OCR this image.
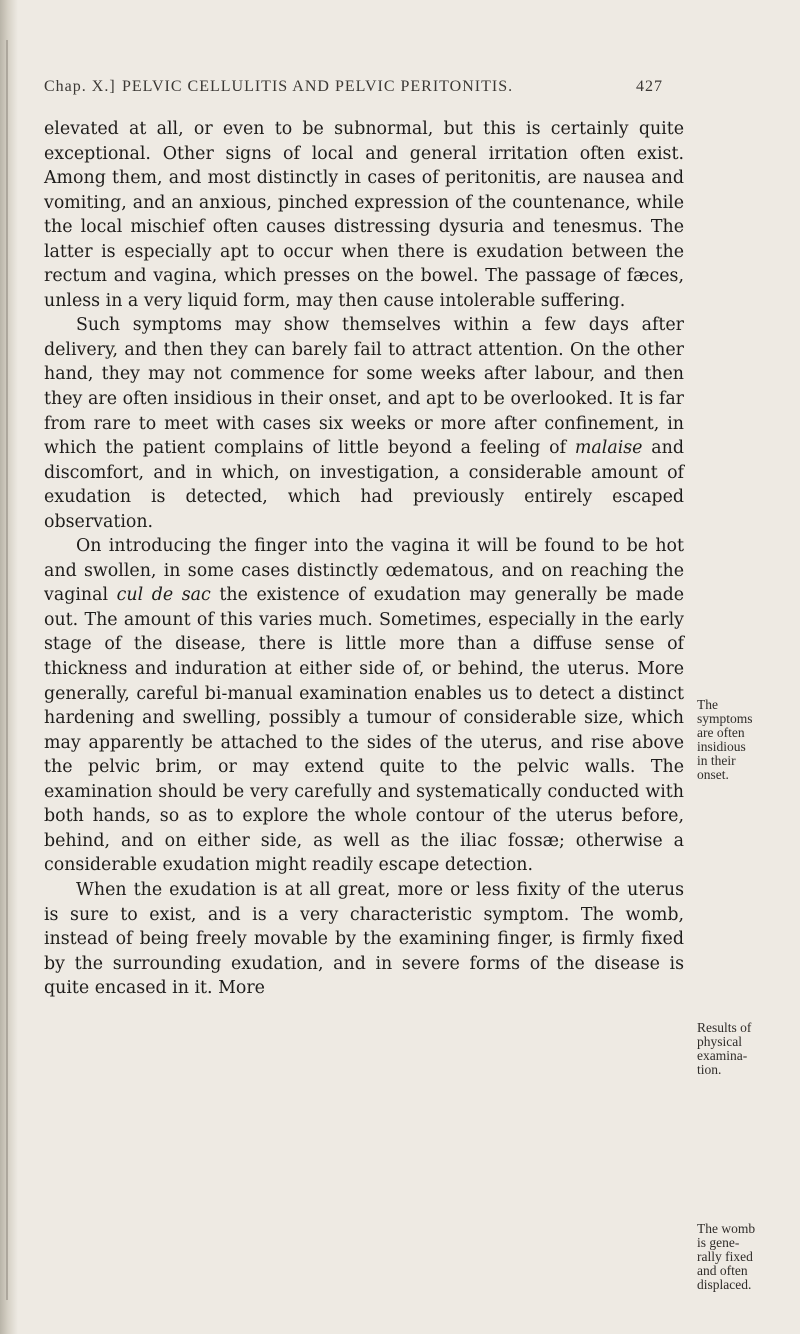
Chap. X.] PELVIC CELLULITIS AND PELVIC PERITONITIS.	427

elevated at all, or even to be subnormal, but this is certainly quite exceptional. Other signs of local and general irritation often exist. Among them, and most distinctly in cases of peritonitis, are nausea and vomiting, and an anxious, pinched expression of the countenance, while the local mischief often causes distressing dysuria and tenesmus. The latter is especially apt to occur when there is exudation between the rectum and vagina, which presses on the bowel. The passage of fæces, unless in a very liquid form, may then cause intolerable suffering.

Such symptoms may show themselves within a few days after delivery, and then they can barely fail to attract attention. On the other hand, they may not commence for some weeks after labour, and then they are often insidious in their onset, and apt to be overlooked. It is far from rare to meet with cases six weeks or more after confinement, in which the patient complains of little beyond a feeling of malaise and discomfort, and in which, on investigation, a considerable amount of exudation is detected, which had previously entirely escaped observation.

On introducing the finger into the vagina it will be found to be hot and swollen, in some cases distinctly œdematous, and on reaching the vaginal cul de sac the existence of exudation may generally be made out. The amount of this varies much. Sometimes, especially in the early stage of the disease, there is little more than a diffuse sense of thickness and induration at either side of, or behind, the uterus. More generally, careful bi-manual examination enables us to detect a distinct hardening and swelling, possibly a tumour of considerable size, which may apparently be attached to the sides of the uterus, and rise above the pelvic brim, or may extend quite to the pelvic walls. The examination should be very carefully and systematically conducted with both hands, so as to explore the whole contour of the uterus before, behind, and on either side, as well as the iliac fossæ; otherwise a considerable exudation might readily escape detection.

When the exudation is at all great, more or less fixity of the uterus is sure to exist, and is a very characteristic symptom. The womb, instead of being freely movable by the examining finger, is firmly fixed by the surrounding exudation, and in severe forms of the disease is quite encased in it. More

The
symptoms
are often
insidious
in their
onset.
Results of
physical
examina-
tion.
The womb
is gene-
rally fixed
and often
displaced.
